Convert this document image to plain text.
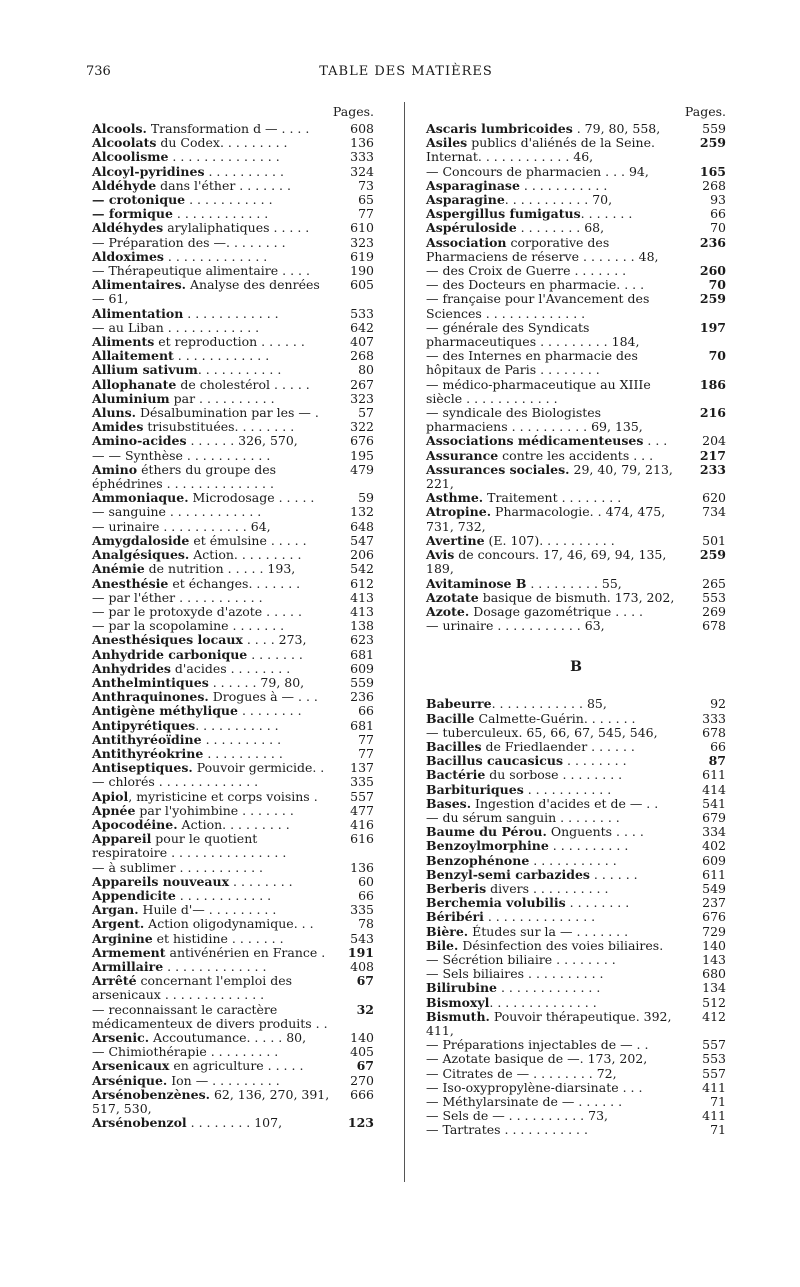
736	TABLE DES MATIÈRES
Pages.
Alcools. Transformation d — . . . .	608
Alcoolats du Codex. . . . . . . . .	136
Alcoolisme . . . . . . . . . . . . . .	333
Alcoyl-pyridines . . . . . . . . . .	324
Aldéhyde dans l'éther . . . . . . .	73
— crotonique . . . . . . . . . . .	65
— formique . . . . . . . . . . . .	77
Aldéhydes arylaliphatiques . . . . .	610
— Préparation des —. . . . . . . .	323
Aldoximes . . . . . . . . . . . . .	619
— Thérapeutique alimentaire . . . .	190
Alimentaires. Analyse des denrées — 61,
605
Alimentation . . . . . . . . . . . .	533
— au Liban . . . . . . . . . . . .	642
Aliments et reproduction . . . . . .	407
Allaitement . . . . . . . . . . . .	268
Allium sativum. . . . . . . . . . .	80
Allophanate de cholestérol . . . . .	267
Aluminium par . . . . . . . . . .	323
Aluns. Désalbumination par les — .	57
Amides trisubstituées. . . . . . . .	322
Amino-acides . . . . . . 326, 570,	676
— — Synthèse . . . . . . . . . . .	195
Amino éthers du groupe des éphédrines . . . . . . . . . . . . . .
479
Ammoniaque. Microdosage . . . . .	59
— sanguine . . . . . . . . . . . .	132
— urinaire . . . . . . . . . . . 64,	648
Amygdaloside et émulsine . . . . .	547
Analgésiques. Action. . . . . . . . .	206
Anémie de nutrition . . . . . 193,	542
Anesthésie et échanges. . . . . . .	612
— par l'éther . . . . . . . . . . .	413
— par le protoxyde d'azote . . . . .	413
— par la scopolamine . . . . . . .	138
Anesthésiques locaux . . . . 273,	623
Anhydride carbonique . . . . . . .	681
Anhydrides d'acides . . . . . . . .	609
Anthelmintiques . . . . . . 79, 80,	559
Anthraquinones. Drogues à — . . .	236
Antigène méthylique . . . . . . . .	66
Antipyrétiques. . . . . . . . . . .	681
Antithyréoïdine . . . . . . . . . .	77
Antithyréokrine . . . . . . . . . .	77
Antiseptiques. Pouvoir germicide. .	137
— chlorés . . . . . . . . . . . . .	335
Apiol, myristicine et corps voisins .	557
Apnée par l'yohimbine . . . . . . .	477
Apocodéine. Action. . . . . . . . .	416
Appareil pour le quotient respiratoire . . . . . . . . . . . . . . .
616
— à sublimer . . . . . . . . . . .	136
Appareils nouveaux . . . . . . . .	60
Appendicite . . . . . . . . . . . .	66
Argan. Huile d'— . . . . . . . . .	335
Argent. Action oligodynamique. . .	78
Arginine et histidine . . . . . . .	543
Armement antivénérien en France .	191
Armillaire . . . . . . . . . . . . .	408
Arrêté concernant l'emploi des arsenicaux . . . . . . . . . . . . .
67
— reconnaissant le caractère médicamenteux de divers produits . .
32
Arsenic. Accoutumance. . . . . 80,	140
— Chimiothérapie . . . . . . . . .	405
Arsenicaux en agriculture . . . . .	67
Arsénique. Ion — . . . . . . . . .	270
Arsénobenzènes. 62, 136, 270, 391, 517, 530,
666
Arsénobenzol . . . . . . . . 107,	123
Pages.
Ascaris lumbricoides . 79, 80, 558,	559
Asiles publics d'aliénés de la Seine. Internat. . . . . . . . . . . . 46,
259
— Concours de pharmacien . . . 94,	165
Asparaginase . . . . . . . . . . .	268
Asparagine. . . . . . . . . . . 70,	93
Aspergillus fumigatus. . . . . . .	66
Aspéruloside . . . . . . . . 68,	70
Association corporative des Pharmaciens de réserve . . . . . . . 48,
236
— des Croix de Guerre . . . . . . .	260
— des Docteurs en pharmacie. . . .	70
— française pour l'Avancement des Sciences . . . . . . . . . . . . .
259
— générale des Syndicats pharmaceutiques . . . . . . . . . 184,
197
— des Internes en pharmacie des hôpitaux de Paris . . . . . . . .
70
— médico-pharmaceutique au XIIIe siècle . . . . . . . . . . . .
186
— syndicale des Biologistes pharmaciens . . . . . . . . . . 69, 135,
216
Associations médicamenteuses . . .	204
Assurance contre les accidents . . .	217
Assurances sociales. 29, 40, 79, 213, 221,
233
Asthme. Traitement . . . . . . . .	620
Atropine. Pharmacologie. . 474, 475, 731, 732,
734
Avertine (E. 107). . . . . . . . . .	501
Avis de concours. 17, 46, 69, 94, 135, 189,
259
Avitaminose B . . . . . . . . . 55,	265
Azotate basique de bismuth. 173, 202,	553
Azote. Dosage gazométrique . . . .	269
— urinaire . . . . . . . . . . . 63,	678
B
Babeurre. . . . . . . . . . . . 85,	92
Bacille Calmette-Guérin. . . . . . .	333
— tuberculeux. 65, 66, 67, 545, 546,	678
Bacilles de Friedlaender . . . . . .	66
Bacillus caucasicus . . . . . . . .	87
Bactérie du sorbose . . . . . . . .	611
Barbituriques . . . . . . . . . . .	414
Bases. Ingestion d'acides et de — . .	541
— du sérum sanguin . . . . . . . .	679
Baume du Pérou. Onguents . . . .	334
Benzoylmorphine . . . . . . . . . .	402
Benzophénone . . . . . . . . . . .	609
Benzyl-semi carbazides . . . . . .	611
Berberis divers . . . . . . . . . .	549
Berchemia volubilis . . . . . . . .	237
Béribéri . . . . . . . . . . . . . .	676
Bière. Études sur la — . . . . . . .	729
Bile. Désinfection des voies biliaires.	140
— Sécrétion biliaire . . . . . . . .	143
— Sels biliaires . . . . . . . . . .	680
Bilirubine . . . . . . . . . . . . .	134
Bismoxyl. . . . . . . . . . . . . .	512
Bismuth. Pouvoir thérapeutique. 392, 411,
412
— Préparations injectables de — . .	557
— Azotate basique de —. 173, 202,	553
— Citrates de — . . . . . . . . 72,	557
— Iso-oxypropylène-diarsinate . . .	411
— Méthylarsinate de — . . . . . .	71
— Sels de — . . . . . . . . . . 73,	411
— Tartrates . . . . . . . . . . .	71
